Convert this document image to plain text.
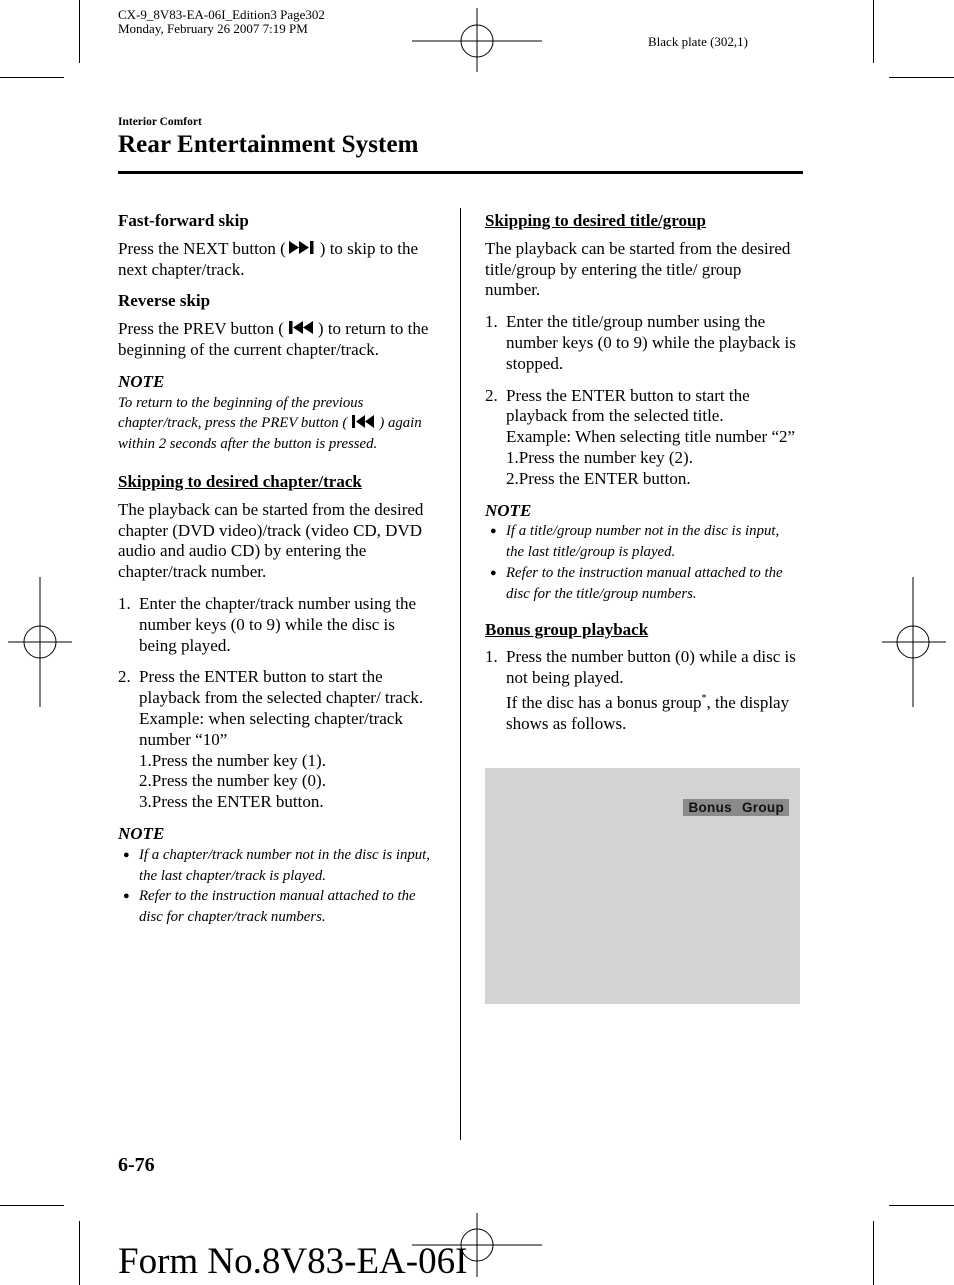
CX-9_8V83-EA-06I_Edition3 Page302
Monday, February 26 2007 7:19 PM
Black plate (302,1)
Interior Comfort
Rear Entertainment System

Fast-forward skip

Press the NEXT button ( ) to skip to the next chapter/track.

Reverse skip

Press the PREV button ( ) to return to the beginning of the current chapter/track.

NOTE

To return to the beginning of the previous chapter/track, press the PREV button ( ) again within 2 seconds after the button is pressed.

Skipping to desired chapter/track

The playback can be started from the desired chapter (DVD video)/track (video CD, DVD audio and audio CD) by entering the chapter/track number.

1. Enter the chapter/track number using the number keys (0 to 9) while the disc is being played.
2. Press the ENTER button to start the playback from the selected chapter/ track.
Example: when selecting chapter/track number “10”
1.Press the number key (1).
2.Press the number key (0).
3.Press the ENTER button.

NOTE

● If a chapter/track number not in the disc is input, the last chapter/track is played.
● Refer to the instruction manual attached to the disc for chapter/track numbers.

Skipping to desired title/group

The playback can be started from the desired title/group by entering the title/ group number.

1. Enter the title/group number using the number keys (0 to 9) while the playback is stopped.
2. Press the ENTER button to start the playback from the selected title.
Example: When selecting title number “2”
1.Press the number key (2).
2.Press the ENTER button.

NOTE

● If a title/group number not in the disc is input, the last title/group is played.
● Refer to the instruction manual attached to the disc for the title/group numbers.

Bonus group playback

1. Press the number button (0) while a disc is not being played.
If the disc has a bonus group*, the display shows as follows.
Bonus Group
6-76
Form No.8V83-EA-06I
